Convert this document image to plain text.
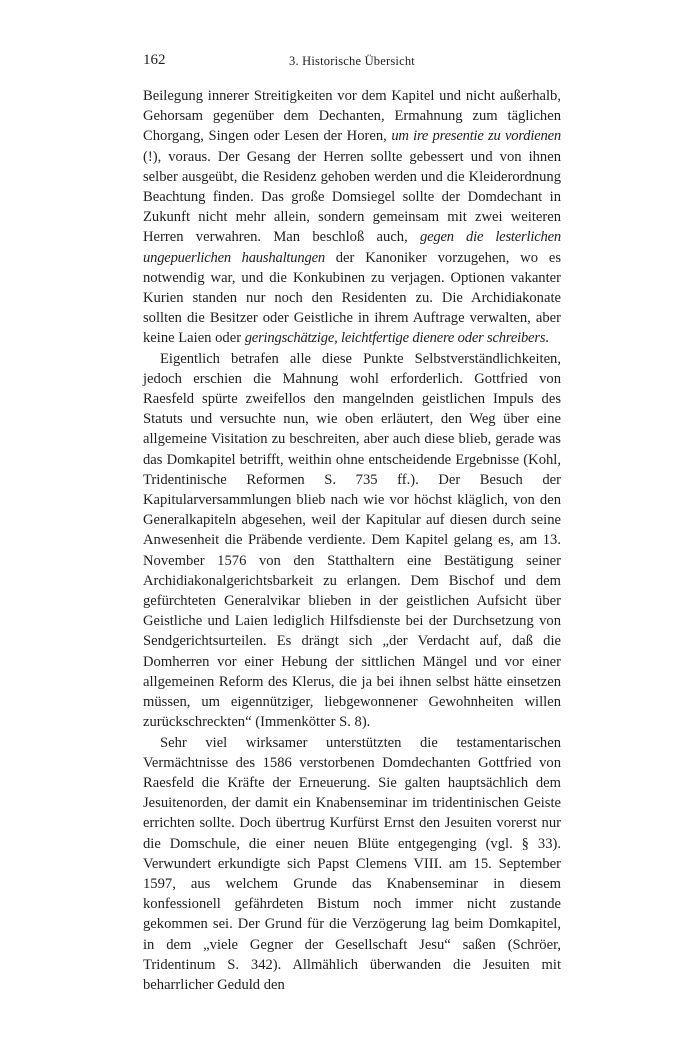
162	3. Historische Übersicht

Beilegung innerer Streitigkeiten vor dem Kapitel und nicht außerhalb, Gehorsam gegenüber dem Dechanten, Ermahnung zum täglichen Chorgang, Singen oder Lesen der Horen, um ire presentie zu vordienen (!), voraus. Der Gesang der Herren sollte gebessert und von ihnen selber ausgeübt, die Residenz gehoben werden und die Kleiderordnung Beachtung finden. Das große Domsiegel sollte der Domdechant in Zukunft nicht mehr allein, sondern gemeinsam mit zwei weiteren Herren verwahren. Man beschloß auch, gegen die lesterlichen ungepuerlichen haushaltungen der Kanoniker vorzugehen, wo es notwendig war, und die Konkubinen zu verjagen. Optionen vakanter Kurien standen nur noch den Residenten zu. Die Archidiakonate sollten die Besitzer oder Geistliche in ihrem Auftrage verwalten, aber keine Laien oder geringschätzige, leichtfertige dienere oder schreibers.

Eigentlich betrafen alle diese Punkte Selbstverständlichkeiten, jedoch erschien die Mahnung wohl erforderlich. Gottfried von Raesfeld spürte zweifellos den mangelnden geistlichen Impuls des Statuts und versuchte nun, wie oben erläutert, den Weg über eine allgemeine Visitation zu beschreiten, aber auch diese blieb, gerade was das Domkapitel betrifft, weithin ohne entscheidende Ergebnisse (Kohl, Tridentinische Reformen S. 735 ff.). Der Besuch der Kapitularversammlungen blieb nach wie vor höchst kläglich, von den Generalkapiteln abgesehen, weil der Kapitular auf diesen durch seine Anwesenheit die Präbende verdiente. Dem Kapitel gelang es, am 13. November 1576 von den Statthaltern eine Bestätigung seiner Archidiakonalgerichtsbarkeit zu erlangen. Dem Bischof und dem gefürchteten Generalvikar blieben in der geistlichen Aufsicht über Geistliche und Laien lediglich Hilfsdienste bei der Durchsetzung von Sendgerichtsurteilen. Es drängt sich „der Verdacht auf, daß die Domherren vor einer Hebung der sittlichen Mängel und vor einer allgemeinen Reform des Klerus, die ja bei ihnen selbst hätte einsetzen müssen, um eigennütziger, liebgewonnener Gewohnheiten willen zurückschreckten“ (Immenkötter S. 8).

Sehr viel wirksamer unterstützten die testamentarischen Vermächtnisse des 1586 verstorbenen Domdechanten Gottfried von Raesfeld die Kräfte der Erneuerung. Sie galten hauptsächlich dem Jesuitenorden, der damit ein Knabenseminar im tridentinischen Geiste errichten sollte. Doch übertrug Kurfürst Ernst den Jesuiten vorerst nur die Domschule, die einer neuen Blüte entgegenging (vgl. § 33). Verwundert erkundigte sich Papst Clemens VIII. am 15. September 1597, aus welchem Grunde das Knabenseminar in diesem konfessionell gefährdeten Bistum noch immer nicht zustande gekommen sei. Der Grund für die Verzögerung lag beim Domkapitel, in dem „viele Gegner der Gesellschaft Jesu“ saßen (Schröer, Tridentinum S. 342). Allmählich überwanden die Jesuiten mit beharrlicher Geduld den
